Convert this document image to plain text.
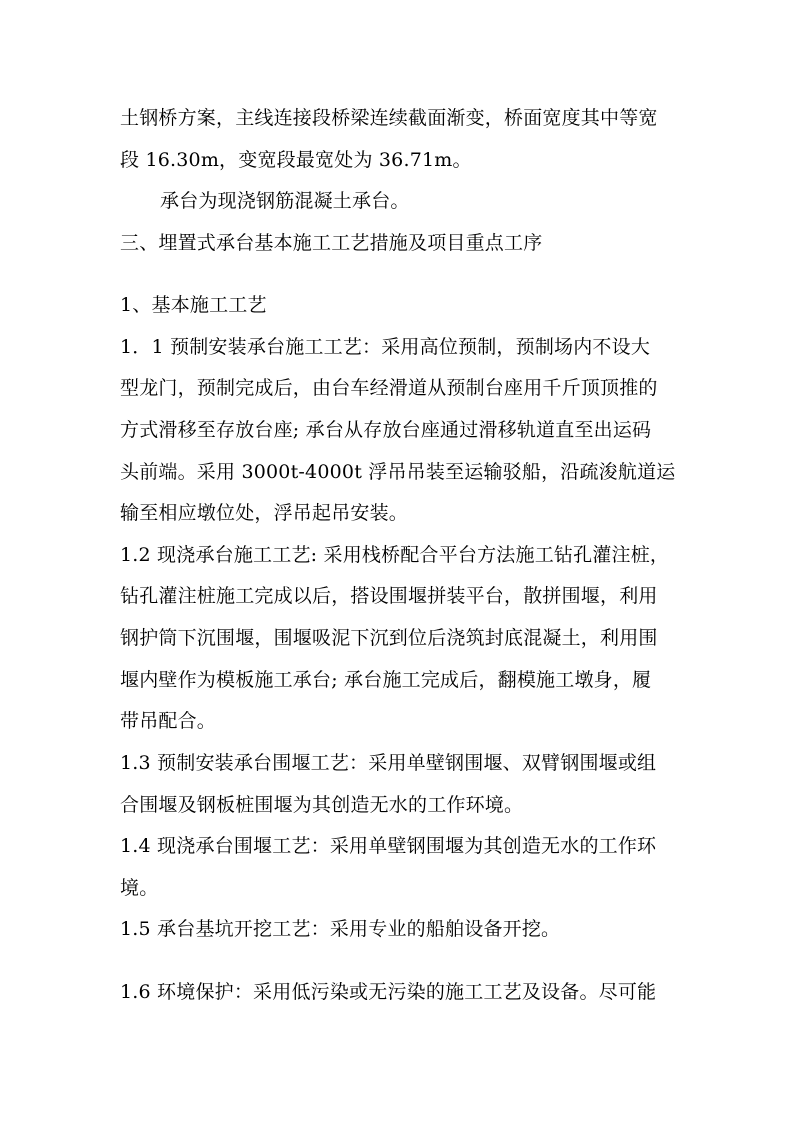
土钢桥方案，主线连接段桥梁连续截面渐变，桥面宽度其中等宽
段 16.30m，变宽段最宽处为 36.71m。
承台为现浇钢筋混凝土承台。
三、埋置式承台基本施工工艺措施及项目重点工序
1、基本施工工艺
1．1 预制安装承台施工工艺：采用高位预制，预制场内不设大
型龙门，预制完成后，由台车经滑道从预制台座用千斤顶顶推的
方式滑移至存放台座; 承台从存放台座通过滑移轨道直至出运码
头前端。采用 3000t-4000t 浮吊吊装至运输驳船，沿疏浚航道运
输至相应墩位处，浮吊起吊安装。
1.2 现浇承台施工工艺: 采用栈桥配合平台方法施工钻孔灌注桩，
钻孔灌注桩施工完成以后，搭设围堰拼装平台，散拼围堰，利用
钢护筒下沉围堰，围堰吸泥下沉到位后浇筑封底混凝土，利用围
堰内壁作为模板施工承台; 承台施工完成后，翻模施工墩身，履
带吊配合。
1.3 预制安装承台围堰工艺：采用单壁钢围堰、双臂钢围堰或组
合围堰及钢板桩围堰为其创造无水的工作环境。
1.4 现浇承台围堰工艺：采用单壁钢围堰为其创造无水的工作环
境。
1.5 承台基坑开挖工艺：采用专业的船舶设备开挖。
1.6 环境保护：采用低污染或无污染的施工工艺及设备。尽可能
